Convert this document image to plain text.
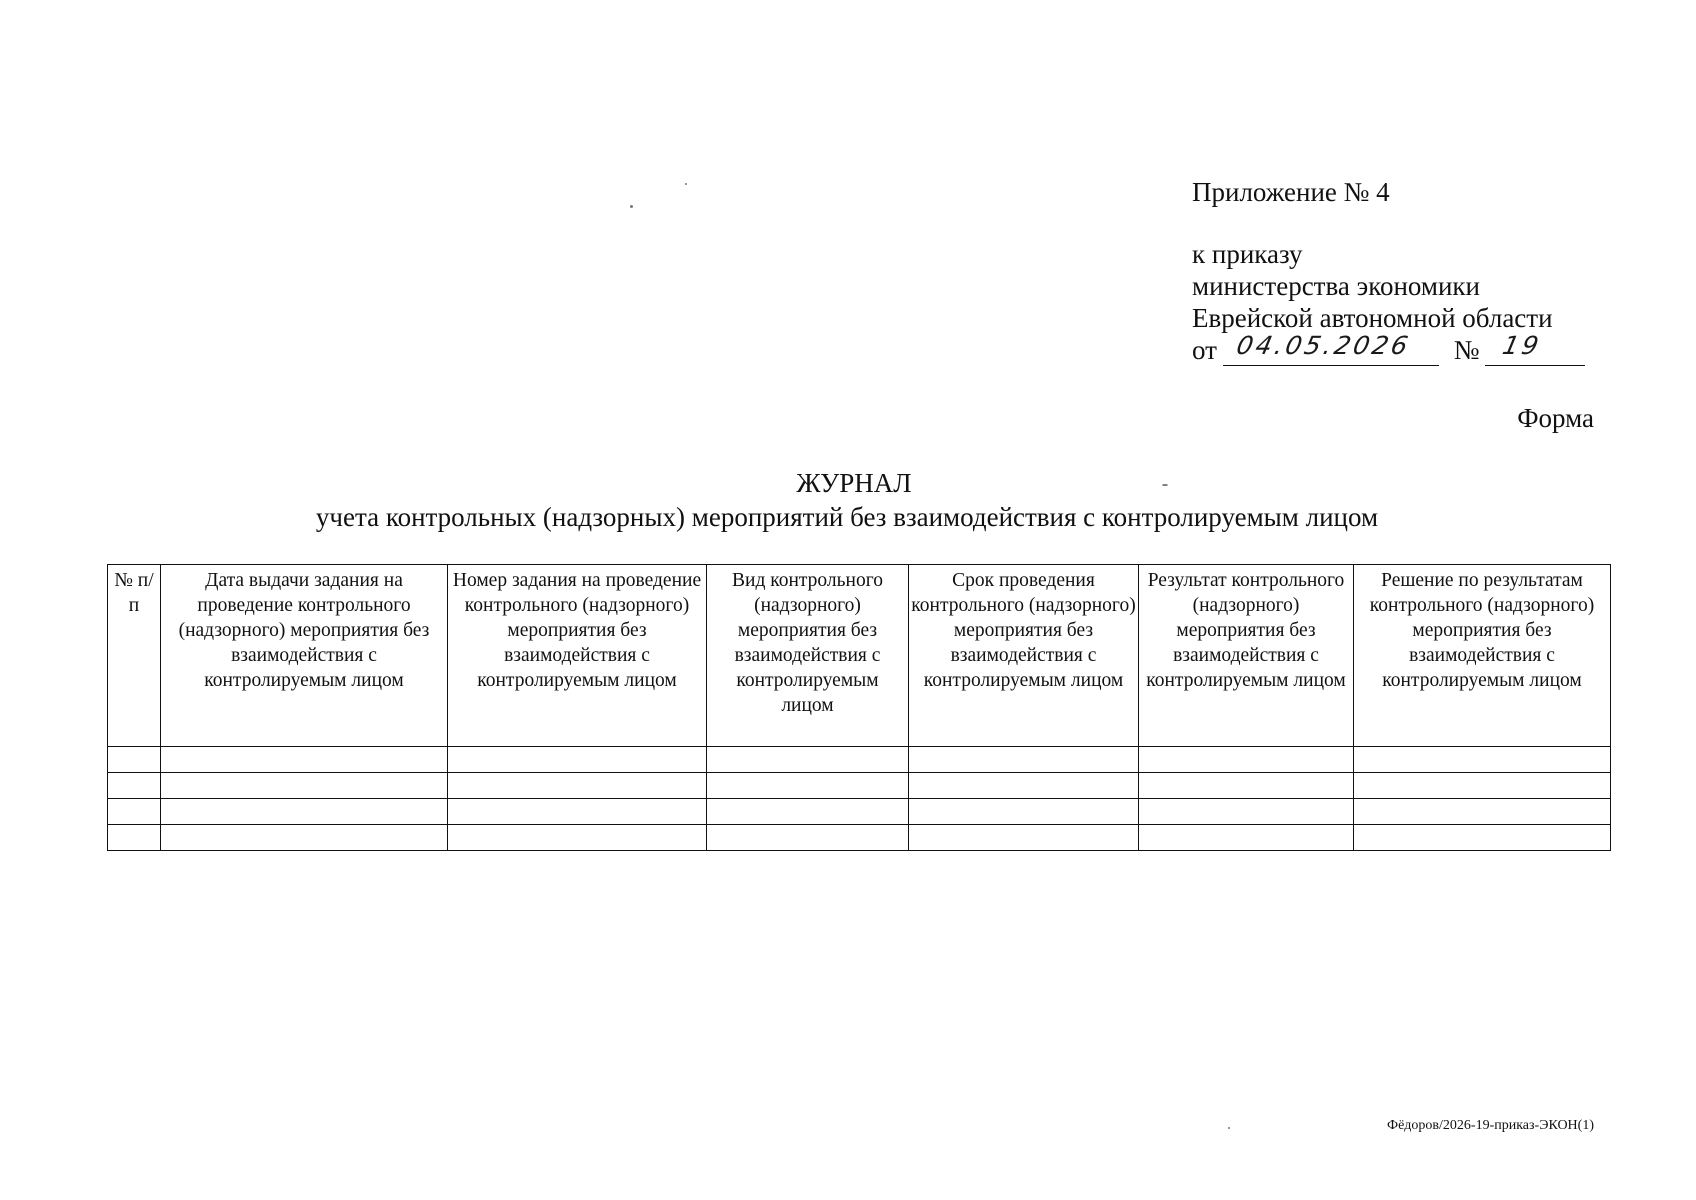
Приложение № 4
к приказу
министерства экономики
Еврейской автономной области
от 04.05.2026 № 19
Форма
ЖУРНАЛ
учета контрольных (надзорных) мероприятий без взаимодействия с контролируемым лицом
№ п/п	Дата выдачи задания на проведение контрольного (надзорного) мероприятия без взаимодействия с контролируемым лицом	Номер задания на проведение контрольного (надзорного) мероприятия без взаимодействия с контролируемым лицом	Вид контрольного (надзорного) мероприятия без взаимодействия с контролируемым лицом	Срок проведения контрольного (надзорного) мероприятия без взаимодействия с контролируемым лицом	Результат контрольного (надзорного) мероприятия без взаимодействия с контролируемым лицом	Решение по результатам контрольного (надзорного) мероприятия без взаимодействия с контролируемым лицом

Фёдоров/2026-19-приказ-ЭКОН(1)
